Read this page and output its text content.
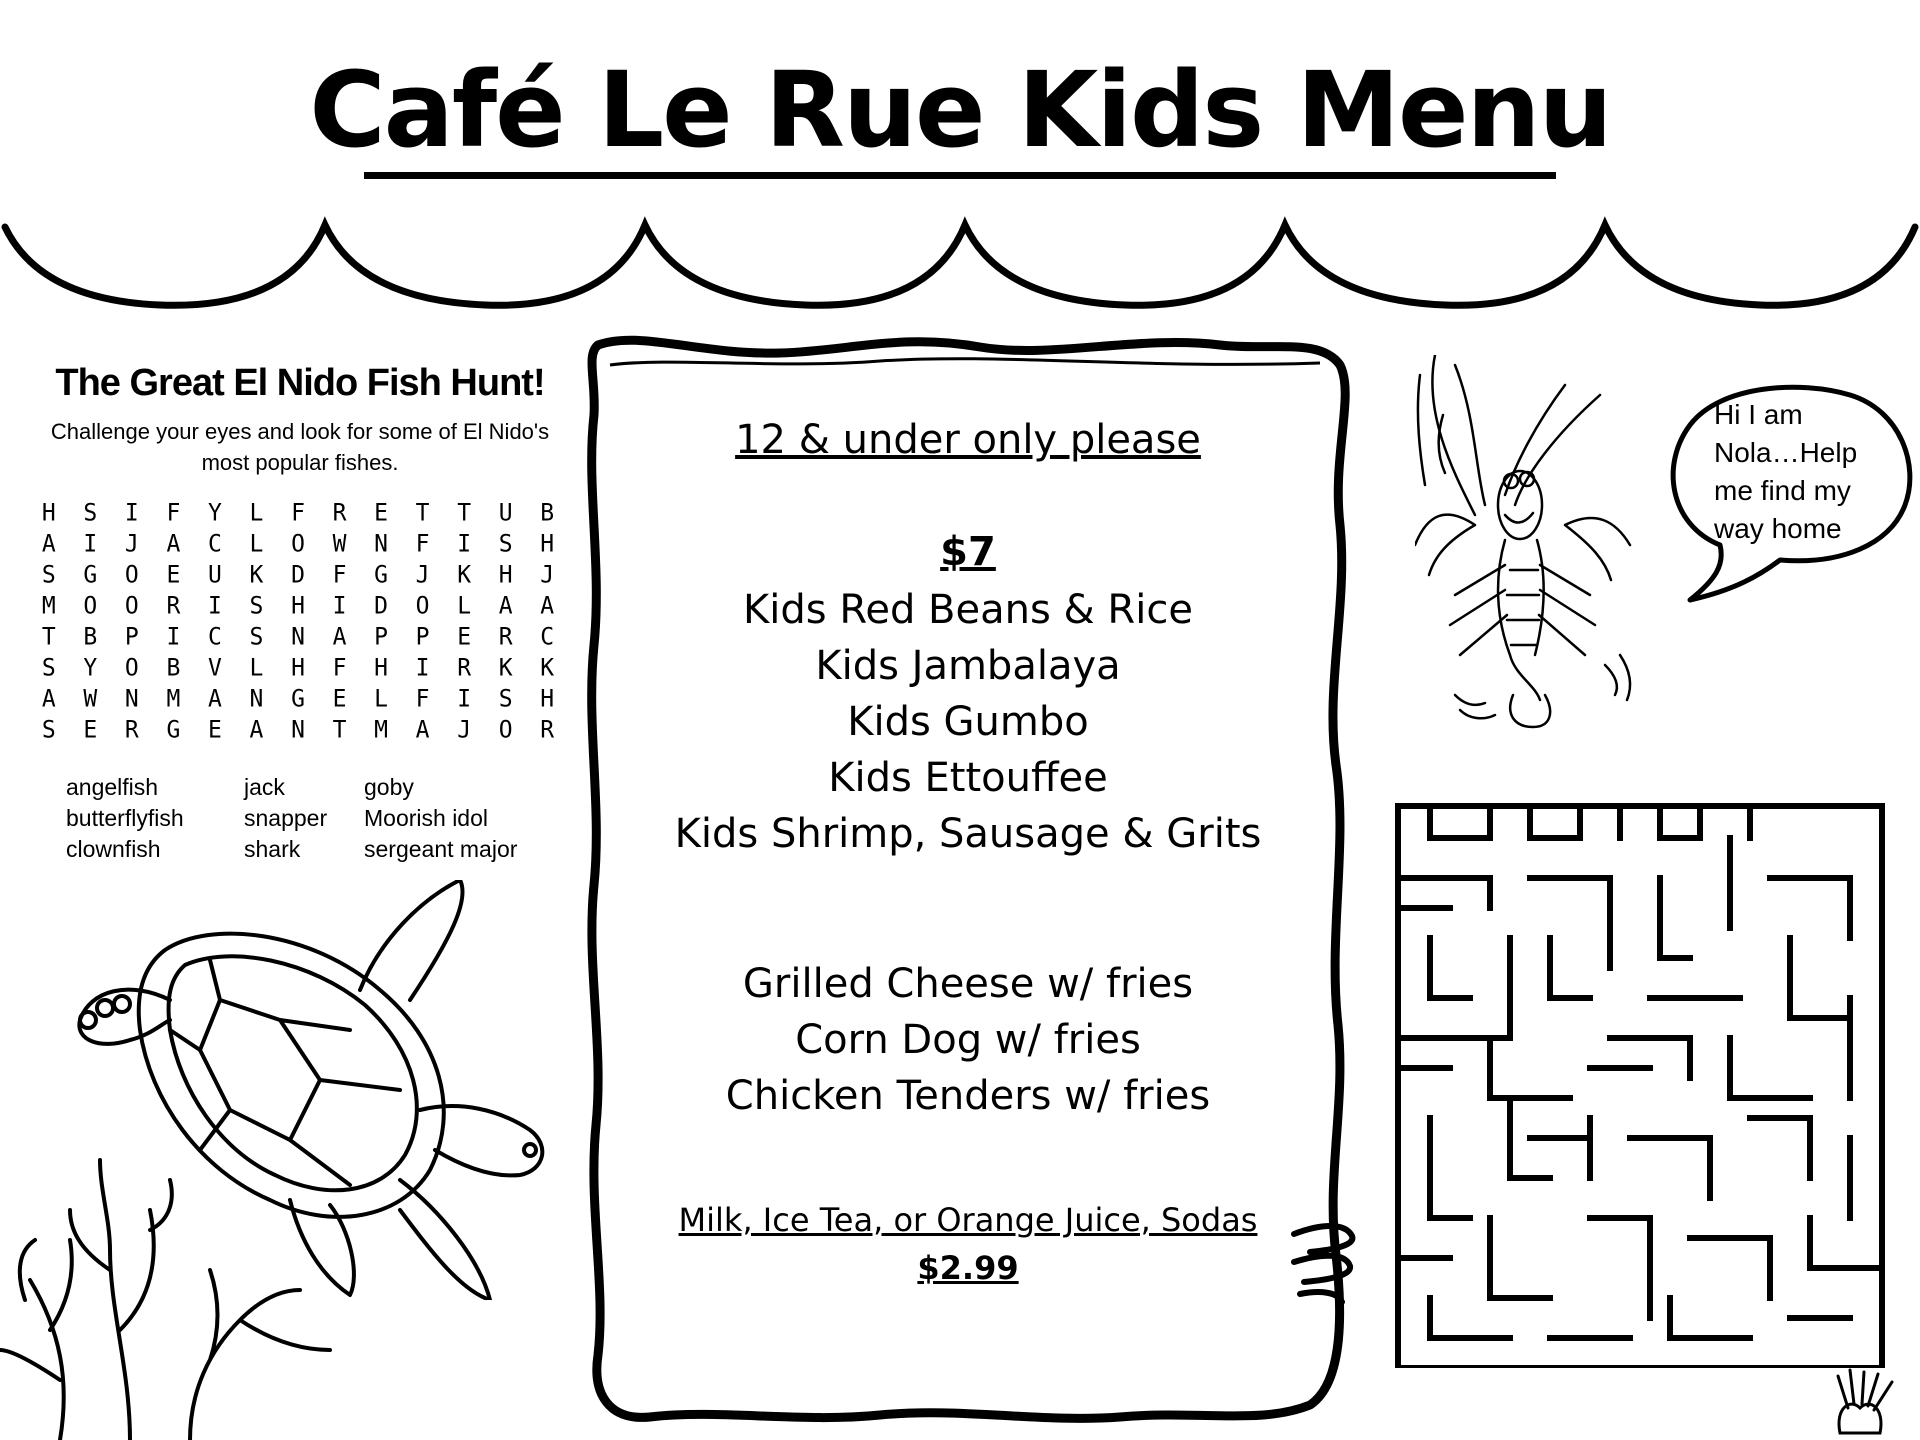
Café Le Rue Kids Menu
The Great El Nido Fish Hunt!
Challenge your eyes and look for some of El Nido's
most popular fishes.
H	S	I	F	Y	L	F	R	E	T	T	U	B
A	I	J	A	C	L	O	W	N	F	I	S	H
S	G	O	E	U	K	D	F	G	J	K	H	J
M	O	O	R	I	S	H	I	D	O	L	A	A
T	B	P	I	C	S	N	A	P	P	E	R	C
S	Y	O	B	V	L	H	F	H	I	R	K	K
A	W	N	M	A	N	G	E	L	F	I	S	H
S	E	R	G	E	A	N	T	M	A	J	O	R
angelfish	jack	goby
butterflyfish	snapper	Moorish idol
clownfish	shark	sergeant major
12 & under only please
$7
Kids Red Beans & Rice
Kids Jambalaya
Kids Gumbo
Kids Ettouffee
Kids Shrimp, Sausage & Grits
Grilled Cheese w/ fries
Corn Dog w/ fries
Chicken Tenders w/ fries
Milk, Ice Tea, or Orange Juice, Sodas
$2.99
Hi I am
Nola…Help
me find my
way home
